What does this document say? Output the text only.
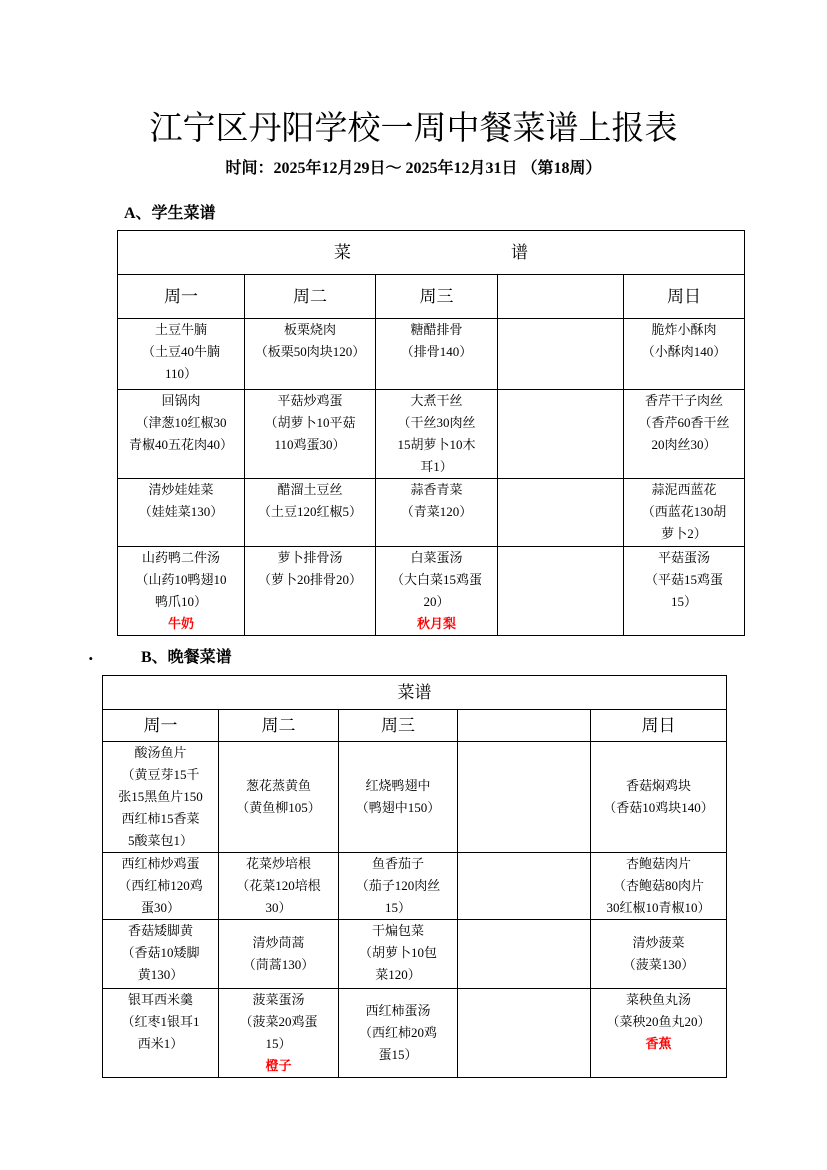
江宁区丹阳学校一周中餐菜谱上报表
时间：2025年12月29日～ 2025年12月31日 （第18周）
A、学生菜谱
菜 谱				
周一	周二	周三		周日

土豆牛腩
（土豆40牛腩
110）	板栗烧肉
（板栗50肉块120）	糖醋排骨
（排骨140）		脆炸小酥肉
（小酥肉140）

回锅肉
（津葱10红椒30
青椒40五花肉40）	平菇炒鸡蛋
（胡萝卜10平菇
110鸡蛋30）	大煮干丝
（干丝30肉丝
15胡萝卜10木
耳1）		香芹干子肉丝
（香芹60香干丝
20肉丝30）

清炒娃娃菜
（娃娃菜130）	醋溜土豆丝
（土豆120红椒5）	蒜香青菜
（青菜120）		蒜泥西蓝花
（西蓝花130胡
萝卜2）

山药鸭二件汤
（山药10鸭翅10
鸭爪10）
牛奶	萝卜排骨汤
（萝卜20排骨20）	白菜蛋汤
（大白菜15鸡蛋
20）
秋月梨		平菇蛋汤
（平菇15鸡蛋
15）
.	B、晚餐菜谱
菜谱				
周一	周二	周三		周日

酸汤鱼片
（黄豆芽15千
张15黑鱼片150
西红柿15香菜
5酸菜包1）	葱花蒸黄鱼
（黄鱼柳105）	红烧鸭翅中
（鸭翅中150）		香菇焖鸡块
（香菇10鸡块140）

西红柿炒鸡蛋
（西红柿120鸡
蛋30）	花菜炒培根
（花菜120培根
30）	鱼香茄子
（茄子120肉丝
15）		杏鲍菇肉片
（杏鲍菇80肉片
30红椒10青椒10）

香菇矮脚黄
（香菇10矮脚
黄130）	清炒茼蒿
（茼蒿130）	干煸包菜
（胡萝卜10包
菜120）		清炒菠菜
（菠菜130）

银耳西米羹
（红枣1银耳1
西米1）	菠菜蛋汤
（菠菜20鸡蛋
15）
橙子	西红柿蛋汤
（西红柿20鸡
蛋15）		菜秧鱼丸汤
（菜秧20鱼丸20）
香蕉
